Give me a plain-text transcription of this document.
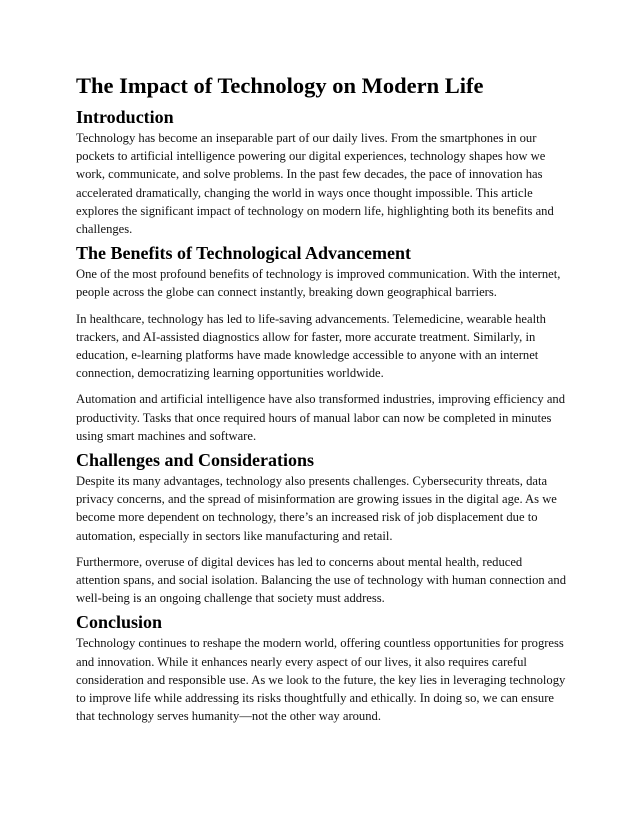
The Impact of Technology on Modern Life
Introduction

Technology has become an inseparable part of our daily lives. From the smartphones in our pockets to artificial intelligence powering our digital experiences, technology shapes how we work, communicate, and solve problems. In the past few decades, the pace of innovation has accelerated dramatically, changing the world in ways once thought impossible. This article explores the significant impact of technology on modern life, highlighting both its benefits and challenges.

The Benefits of Technological Advancement

One of the most profound benefits of technology is improved communication. With the internet, people across the globe can connect instantly, breaking down geographical barriers.

In healthcare, technology has led to life-saving advancements. Telemedicine, wearable health trackers, and AI-assisted diagnostics allow for faster, more accurate treatment. Similarly, in education, e-learning platforms have made knowledge accessible to anyone with an internet connection, democratizing learning opportunities worldwide.

Automation and artificial intelligence have also transformed industries, improving efficiency and productivity. Tasks that once required hours of manual labor can now be completed in minutes using smart machines and software.

Challenges and Considerations

Despite its many advantages, technology also presents challenges. Cybersecurity threats, data privacy concerns, and the spread of misinformation are growing issues in the digital age. As we become more dependent on technology, there’s an increased risk of job displacement due to automation, especially in sectors like manufacturing and retail.

Furthermore, overuse of digital devices has led to concerns about mental health, reduced attention spans, and social isolation. Balancing the use of technology with human connection and well-being is an ongoing challenge that society must address.

Conclusion

Technology continues to reshape the modern world, offering countless opportunities for progress and innovation. While it enhances nearly every aspect of our lives, it also requires careful consideration and responsible use. As we look to the future, the key lies in leveraging technology to improve life while addressing its risks thoughtfully and ethically. In doing so, we can ensure that technology serves humanity—not the other way around.
